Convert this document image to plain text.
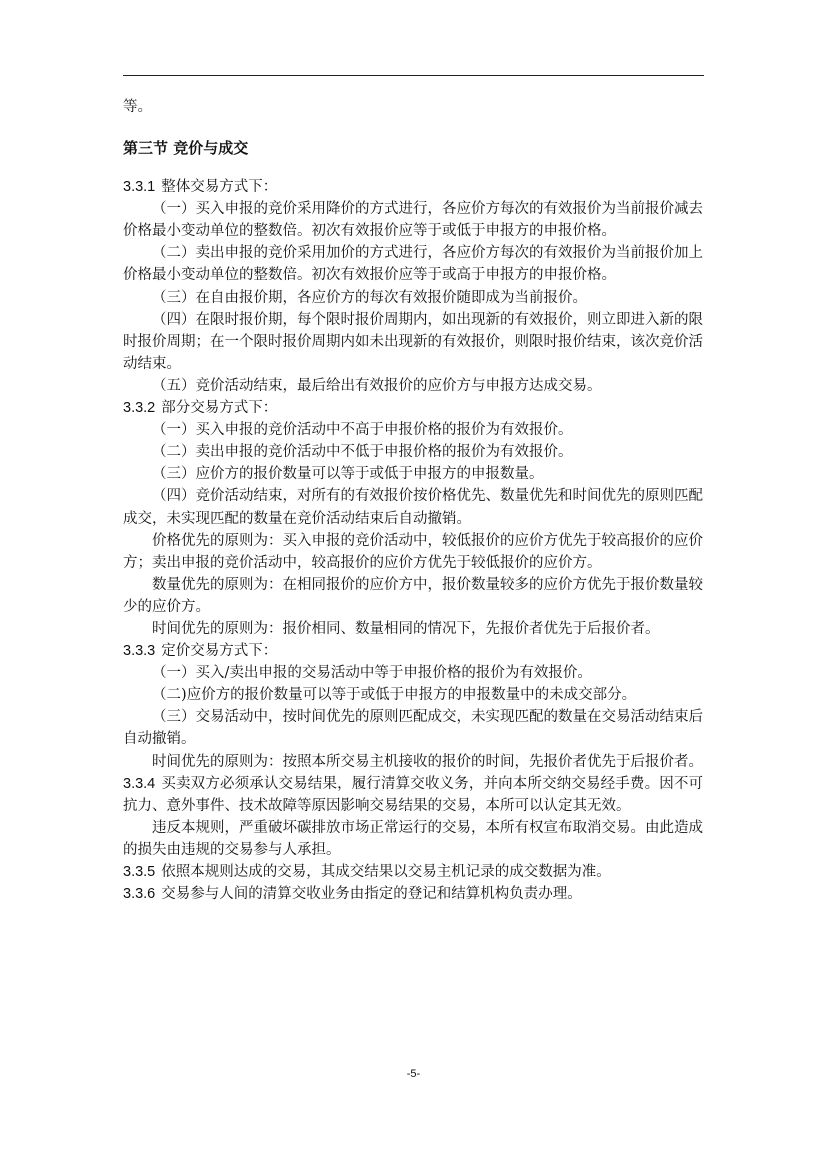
等。

第三节 竞价与成交

3.3.1 整体交易方式下：

（一）买入申报的竞价采用降价的方式进行，各应价方每次的有效报价为当前报价减去价格最小变动单位的整数倍。初次有效报价应等于或低于申报方的申报价格。

（二）卖出申报的竞价采用加价的方式进行，各应价方每次的有效报价为当前报价加上价格最小变动单位的整数倍。初次有效报价应等于或高于申报方的申报价格。

（三）在自由报价期，各应价方的每次有效报价随即成为当前报价。

（四）在限时报价期，每个限时报价周期内，如出现新的有效报价，则立即进入新的限时报价周期；在一个限时报价周期内如未出现新的有效报价，则限时报价结束，该次竞价活动结束。

（五）竞价活动结束，最后给出有效报价的应价方与申报方达成交易。

3.3.2 部分交易方式下：

（一）买入申报的竞价活动中不高于申报价格的报价为有效报价。

（二）卖出申报的竞价活动中不低于申报价格的报价为有效报价。

（三）应价方的报价数量可以等于或低于申报方的申报数量。

（四）竞价活动结束，对所有的有效报价按价格优先、数量优先和时间优先的原则匹配成交，未实现匹配的数量在竞价活动结束后自动撤销。

价格优先的原则为：买入申报的竞价活动中，较低报价的应价方优先于较高报价的应价方；卖出申报的竞价活动中，较高报价的应价方优先于较低报价的应价方。

数量优先的原则为：在相同报价的应价方中，报价数量较多的应价方优先于报价数量较少的应价方。

时间优先的原则为：报价相同、数量相同的情况下，先报价者优先于后报价者。

3.3.3 定价交易方式下：

（一）买入/卖出申报的交易活动中等于申报价格的报价为有效报价。

（二)应价方的报价数量可以等于或低于申报方的申报数量中的未成交部分。

（三）交易活动中，按时间优先的原则匹配成交，未实现匹配的数量在交易活动结束后自动撤销。

时间优先的原则为：按照本所交易主机接收的报价的时间，先报价者优先于后报价者。

3.3.4 买卖双方必须承认交易结果，履行清算交收义务，并向本所交纳交易经手费。因不可抗力、意外事件、技术故障等原因影响交易结果的交易，本所可以认定其无效。

违反本规则，严重破坏碳排放市场正常运行的交易，本所有权宣布取消交易。由此造成的损失由违规的交易参与人承担。

3.3.5 依照本规则达成的交易，其成交结果以交易主机记录的成交数据为准。

3.3.6 交易参与人间的清算交收业务由指定的登记和结算机构负责办理。

-5-
